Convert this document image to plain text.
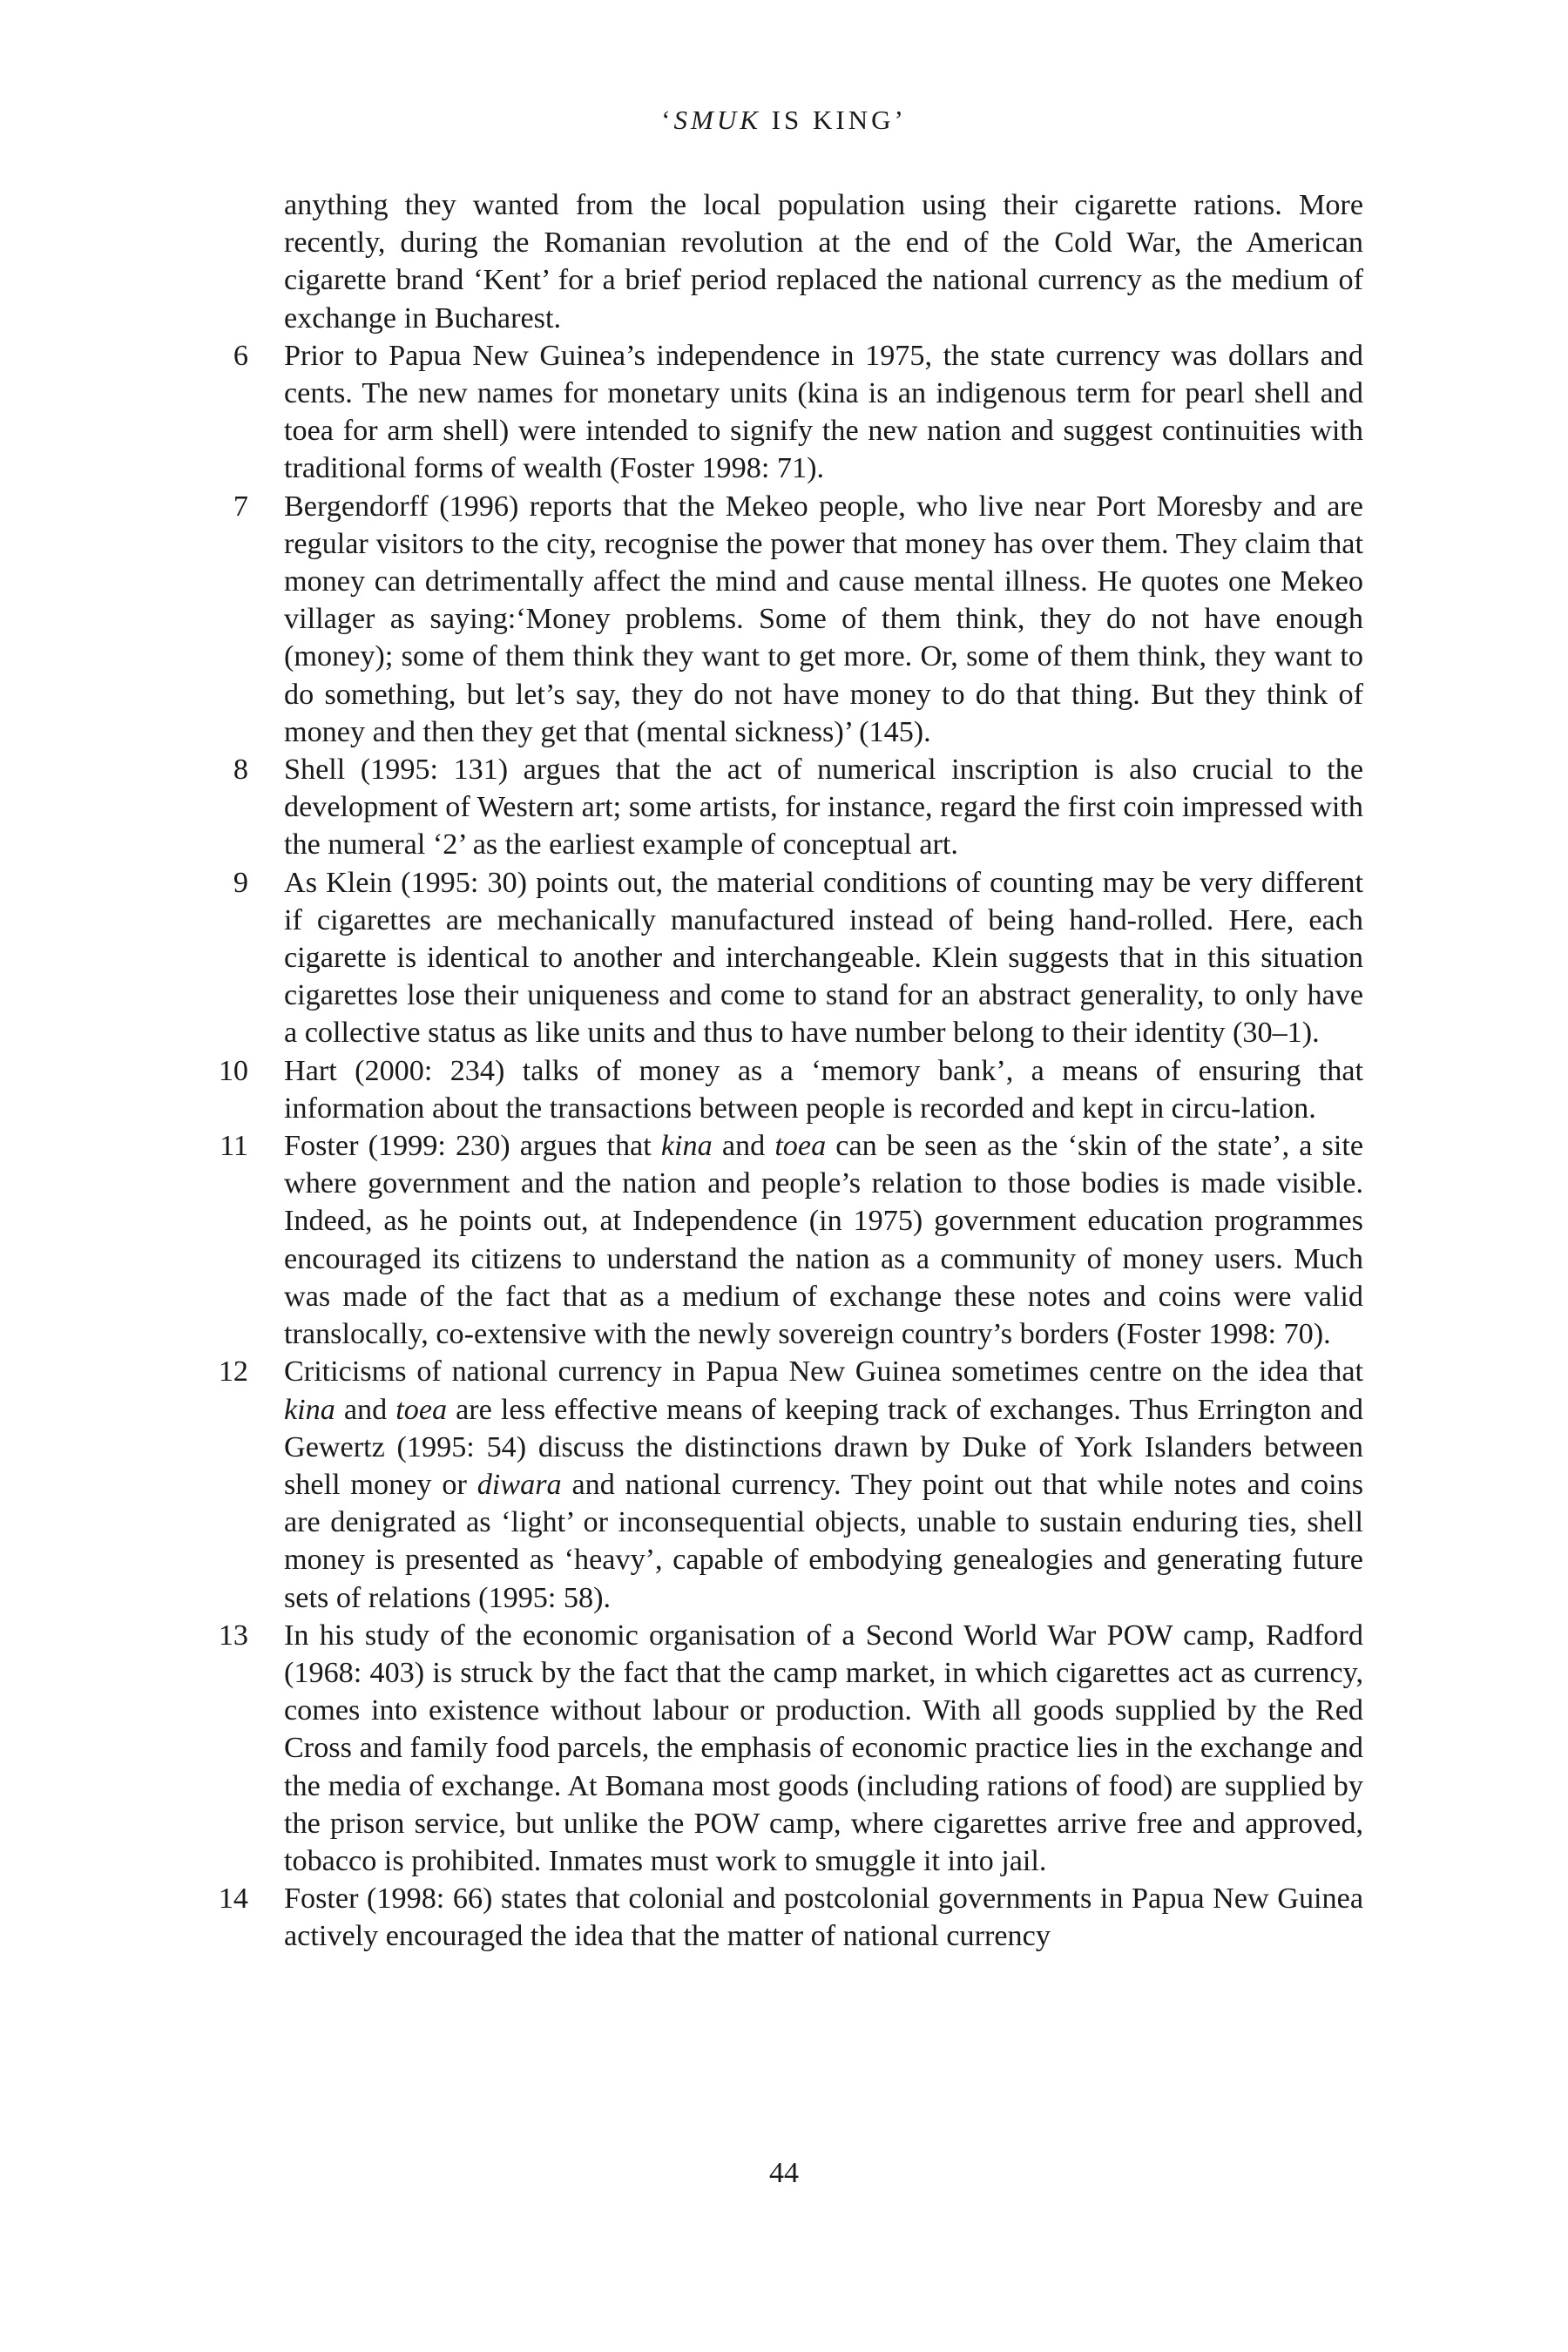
‘SMUK IS KING’
anything they wanted from the local population using their cigarette rations. More recently, during the Romanian revolution at the end of the Cold War, the American cigarette brand ‘Kent’ for a brief period replaced the national currency as the medium of exchange in Bucharest.
6 Prior to Papua New Guinea’s independence in 1975, the state currency was dollars and cents. The new names for monetary units (kina is an indigenous term for pearl shell and toea for arm shell) were intended to signify the new nation and suggest continuities with traditional forms of wealth (Foster 1998: 71).
7 Bergendorff (1996) reports that the Mekeo people, who live near Port Moresby and are regular visitors to the city, recognise the power that money has over them. They claim that money can detrimentally affect the mind and cause mental illness. He quotes one Mekeo villager as saying:‘Money problems. Some of them think, they do not have enough (money); some of them think they want to get more. Or, some of them think, they want to do something, but let’s say, they do not have money to do that thing. But they think of money and then they get that (mental sickness)’ (145).
8 Shell (1995: 131) argues that the act of numerical inscription is also crucial to the development of Western art; some artists, for instance, regard the first coin impressed with the numeral ‘2’ as the earliest example of conceptual art.
9 As Klein (1995: 30) points out, the material conditions of counting may be very different if cigarettes are mechanically manufactured instead of being hand-rolled. Here, each cigarette is identical to another and interchangeable. Klein suggests that in this situation cigarettes lose their uniqueness and come to stand for an abstract generality, to only have a collective status as like units and thus to have number belong to their identity (30–1).
10 Hart (2000: 234) talks of money as a ‘memory bank’, a means of ensuring that information about the transactions between people is recorded and kept in circu-lation.
11 Foster (1999: 230) argues that kina and toea can be seen as the ‘skin of the state’, a site where government and the nation and people’s relation to those bodies is made visible. Indeed, as he points out, at Independence (in 1975) government education programmes encouraged its citizens to understand the nation as a community of money users. Much was made of the fact that as a medium of exchange these notes and coins were valid translocally, co-extensive with the newly sovereign country’s borders (Foster 1998: 70).
12 Criticisms of national currency in Papua New Guinea sometimes centre on the idea that kina and toea are less effective means of keeping track of exchanges. Thus Errington and Gewertz (1995: 54) discuss the distinctions drawn by Duke of York Islanders between shell money or diwara and national currency. They point out that while notes and coins are denigrated as ‘light’ or inconsequential objects, unable to sustain enduring ties, shell money is presented as ‘heavy’, capable of embodying genealogies and generating future sets of relations (1995: 58).
13 In his study of the economic organisation of a Second World War POW camp, Radford (1968: 403) is struck by the fact that the camp market, in which cigarettes act as currency, comes into existence without labour or production. With all goods supplied by the Red Cross and family food parcels, the emphasis of economic practice lies in the exchange and the media of exchange. At Bomana most goods (including rations of food) are supplied by the prison service, but unlike the POW camp, where cigarettes arrive free and approved, tobacco is prohibited. Inmates must work to smuggle it into jail.
14 Foster (1998: 66) states that colonial and postcolonial governments in Papua New Guinea actively encouraged the idea that the matter of national currency
44
